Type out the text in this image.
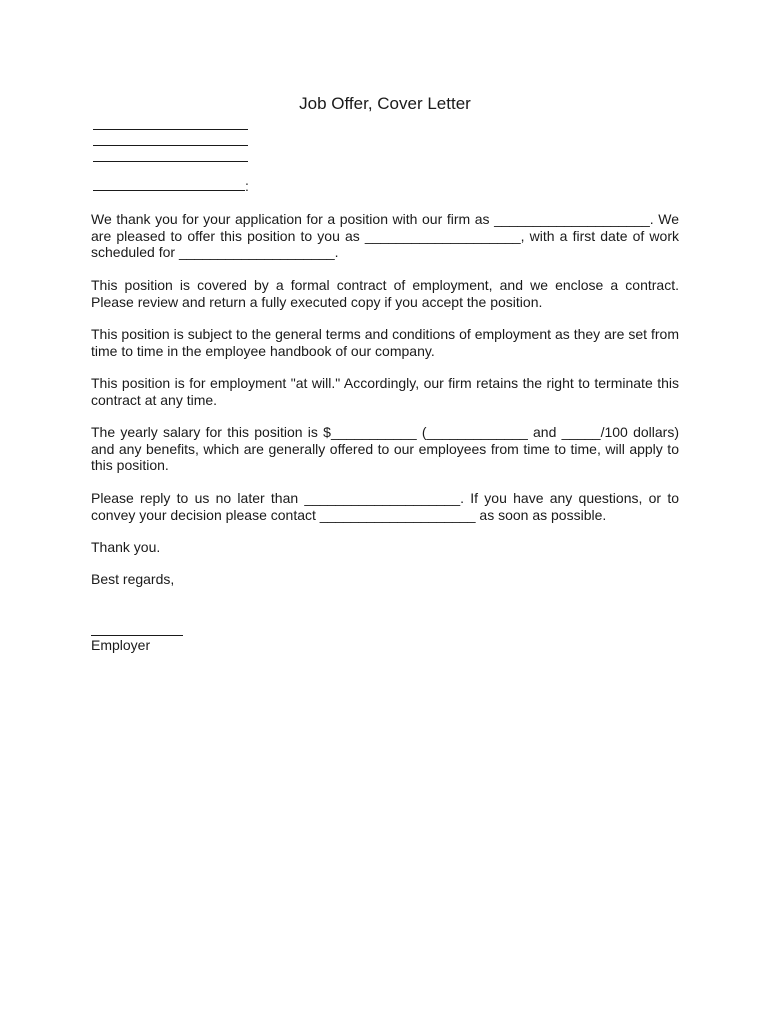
Job Offer, Cover Letter
:
We thank you for your application for a position with our firm as ____________________. We are pleased to offer this position to you as ____________________, with a first date of work scheduled for ____________________.
This position is covered by a formal contract of employment, and we enclose a contract. Please review and return a fully executed copy if you accept the position.
This position is subject to the general terms and conditions of employment as they are set from time to time in the employee handbook of our company.
This position is for employment "at will." Accordingly, our firm retains the right to terminate this contract at any time.
The yearly salary for this position is $___________ (_____________ and _____/100 dollars) and any benefits, which are generally offered to our employees from time to time, will apply to this position.
Please reply to us no later than ____________________. If you have any questions, or to convey your decision please contact ____________________ as soon as possible.
Thank you.
Best regards,
Employer
